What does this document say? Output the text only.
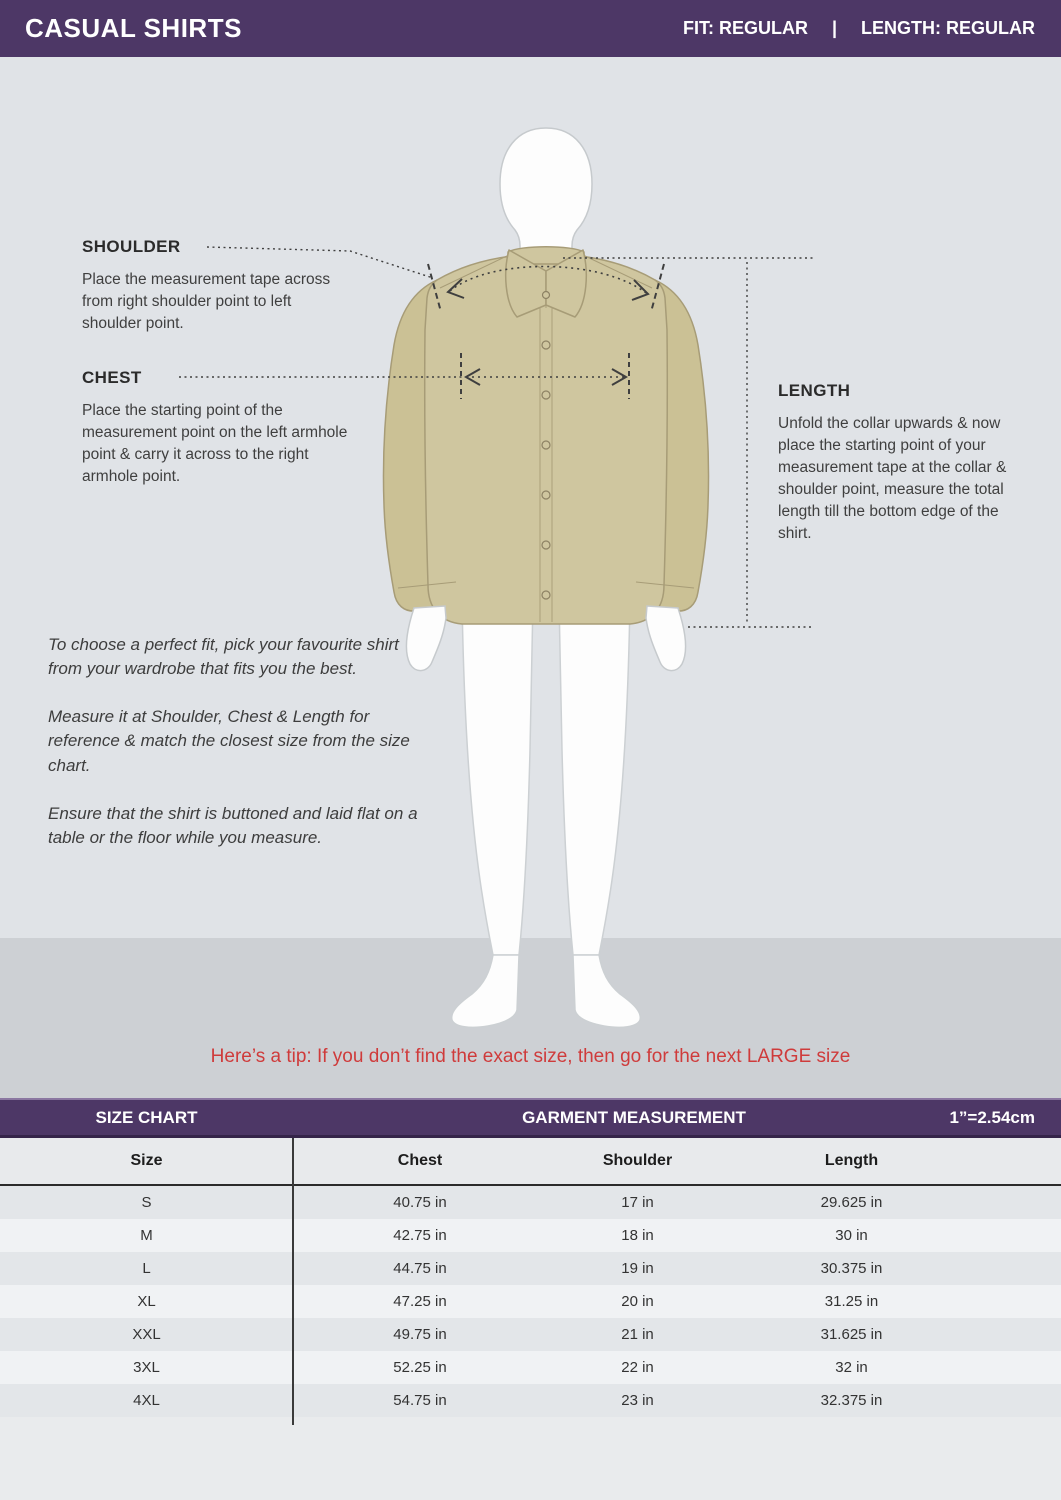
CASUAL SHIRTS	FIT: REGULAR | LENGTH: REGULAR
SHOULDER
Place the measurement tape across from right shoulder point to left shoulder point.
CHEST
Place the starting point of the measurement point on the left armhole point & carry it across to the right armhole point.
LENGTH
Unfold the collar upwards & now place the starting point of your measurement tape at the collar & shoulder point, measure the total length till the bottom edge of the shirt.

To choose a perfect fit, pick your favourite shirt from your wardrobe that fits you the best.

Measure it at Shoulder, Chest & Length for reference & match the closest size from the size chart.

Ensure that the shirt is buttoned and laid flat on a table or the floor while you measure.

Here’s a tip: If you don’t find the exact size, then go for the next LARGE size
SIZE CHART	GARMENT MEASUREMENT	1”=2.54cm
Size	Chest	Shoulder	Length
S	40.75 in	17 in	29.625 in
M	42.75 in	18 in	30 in
L	44.75 in	19 in	30.375 in
XL	47.25 in	20 in	31.25 in
XXL	49.75 in	21 in	31.625 in
3XL	52.25 in	22 in	32 in
4XL	54.75 in	23 in	32.375 in
